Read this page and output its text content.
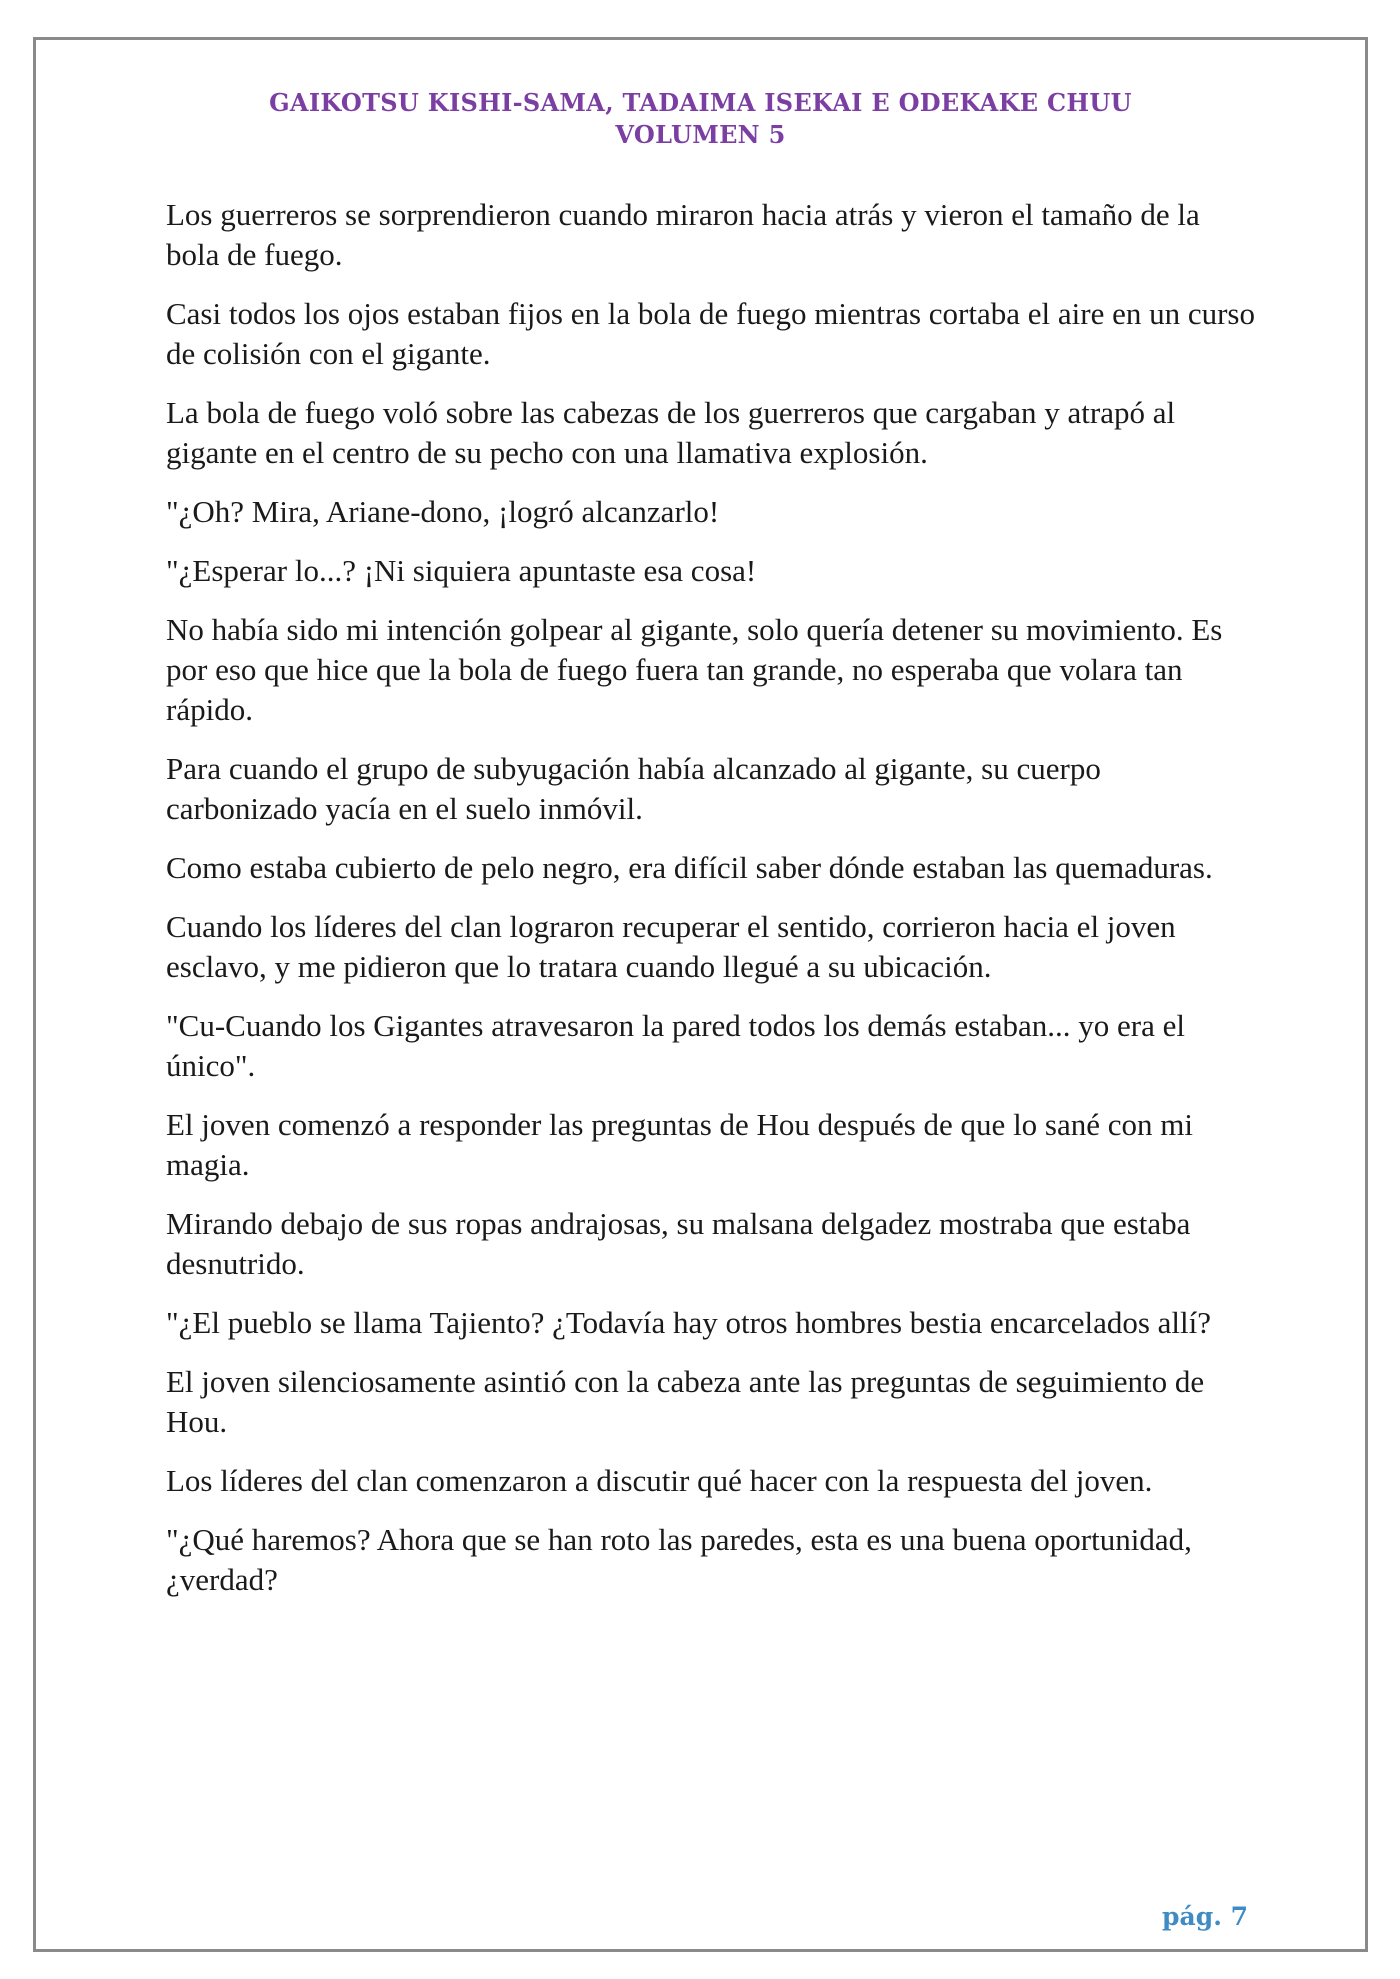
GAIKOTSU KISHI-SAMA, TADAIMA ISEKAI E ODEKAKE CHUU
VOLUMEN 5

Los guerreros se sorprendieron cuando miraron hacia atrás y vieron el tamaño de la bola de fuego.

Casi todos los ojos estaban fijos en la bola de fuego mientras cortaba el aire en un curso de colisión con el gigante.

La bola de fuego voló sobre las cabezas de los guerreros que cargaban y atrapó al gigante en el centro de su pecho con una llamativa explosión.

"¿Oh? Mira, Ariane-dono, ¡logró alcanzarlo!

"¿Esperar lo...? ¡Ni siquiera apuntaste esa cosa!

No había sido mi intención golpear al gigante, solo quería detener su movimiento. Es por eso que hice que la bola de fuego fuera tan grande, no esperaba que volara tan rápido.

Para cuando el grupo de subyugación había alcanzado al gigante, su cuerpo carbonizado yacía en el suelo inmóvil.

Como estaba cubierto de pelo negro, era difícil saber dónde estaban las quemaduras.

Cuando los líderes del clan lograron recuperar el sentido, corrieron hacia el joven esclavo, y me pidieron que lo tratara cuando llegué a su ubicación.

"Cu-Cuando los Gigantes atravesaron la pared todos los demás estaban... yo era el único".

El joven comenzó a responder las preguntas de Hou después de que lo sané con mi magia.

Mirando debajo de sus ropas andrajosas, su malsana delgadez mostraba que estaba desnutrido.

"¿El pueblo se llama Tajiento? ¿Todavía hay otros hombres bestia encarcelados allí?

El joven silenciosamente asintió con la cabeza ante las preguntas de seguimiento de Hou.

Los líderes del clan comenzaron a discutir qué hacer con la respuesta del joven.

"¿Qué haremos? Ahora que se han roto las paredes, esta es una buena oportunidad, ¿verdad?

pág. 7
